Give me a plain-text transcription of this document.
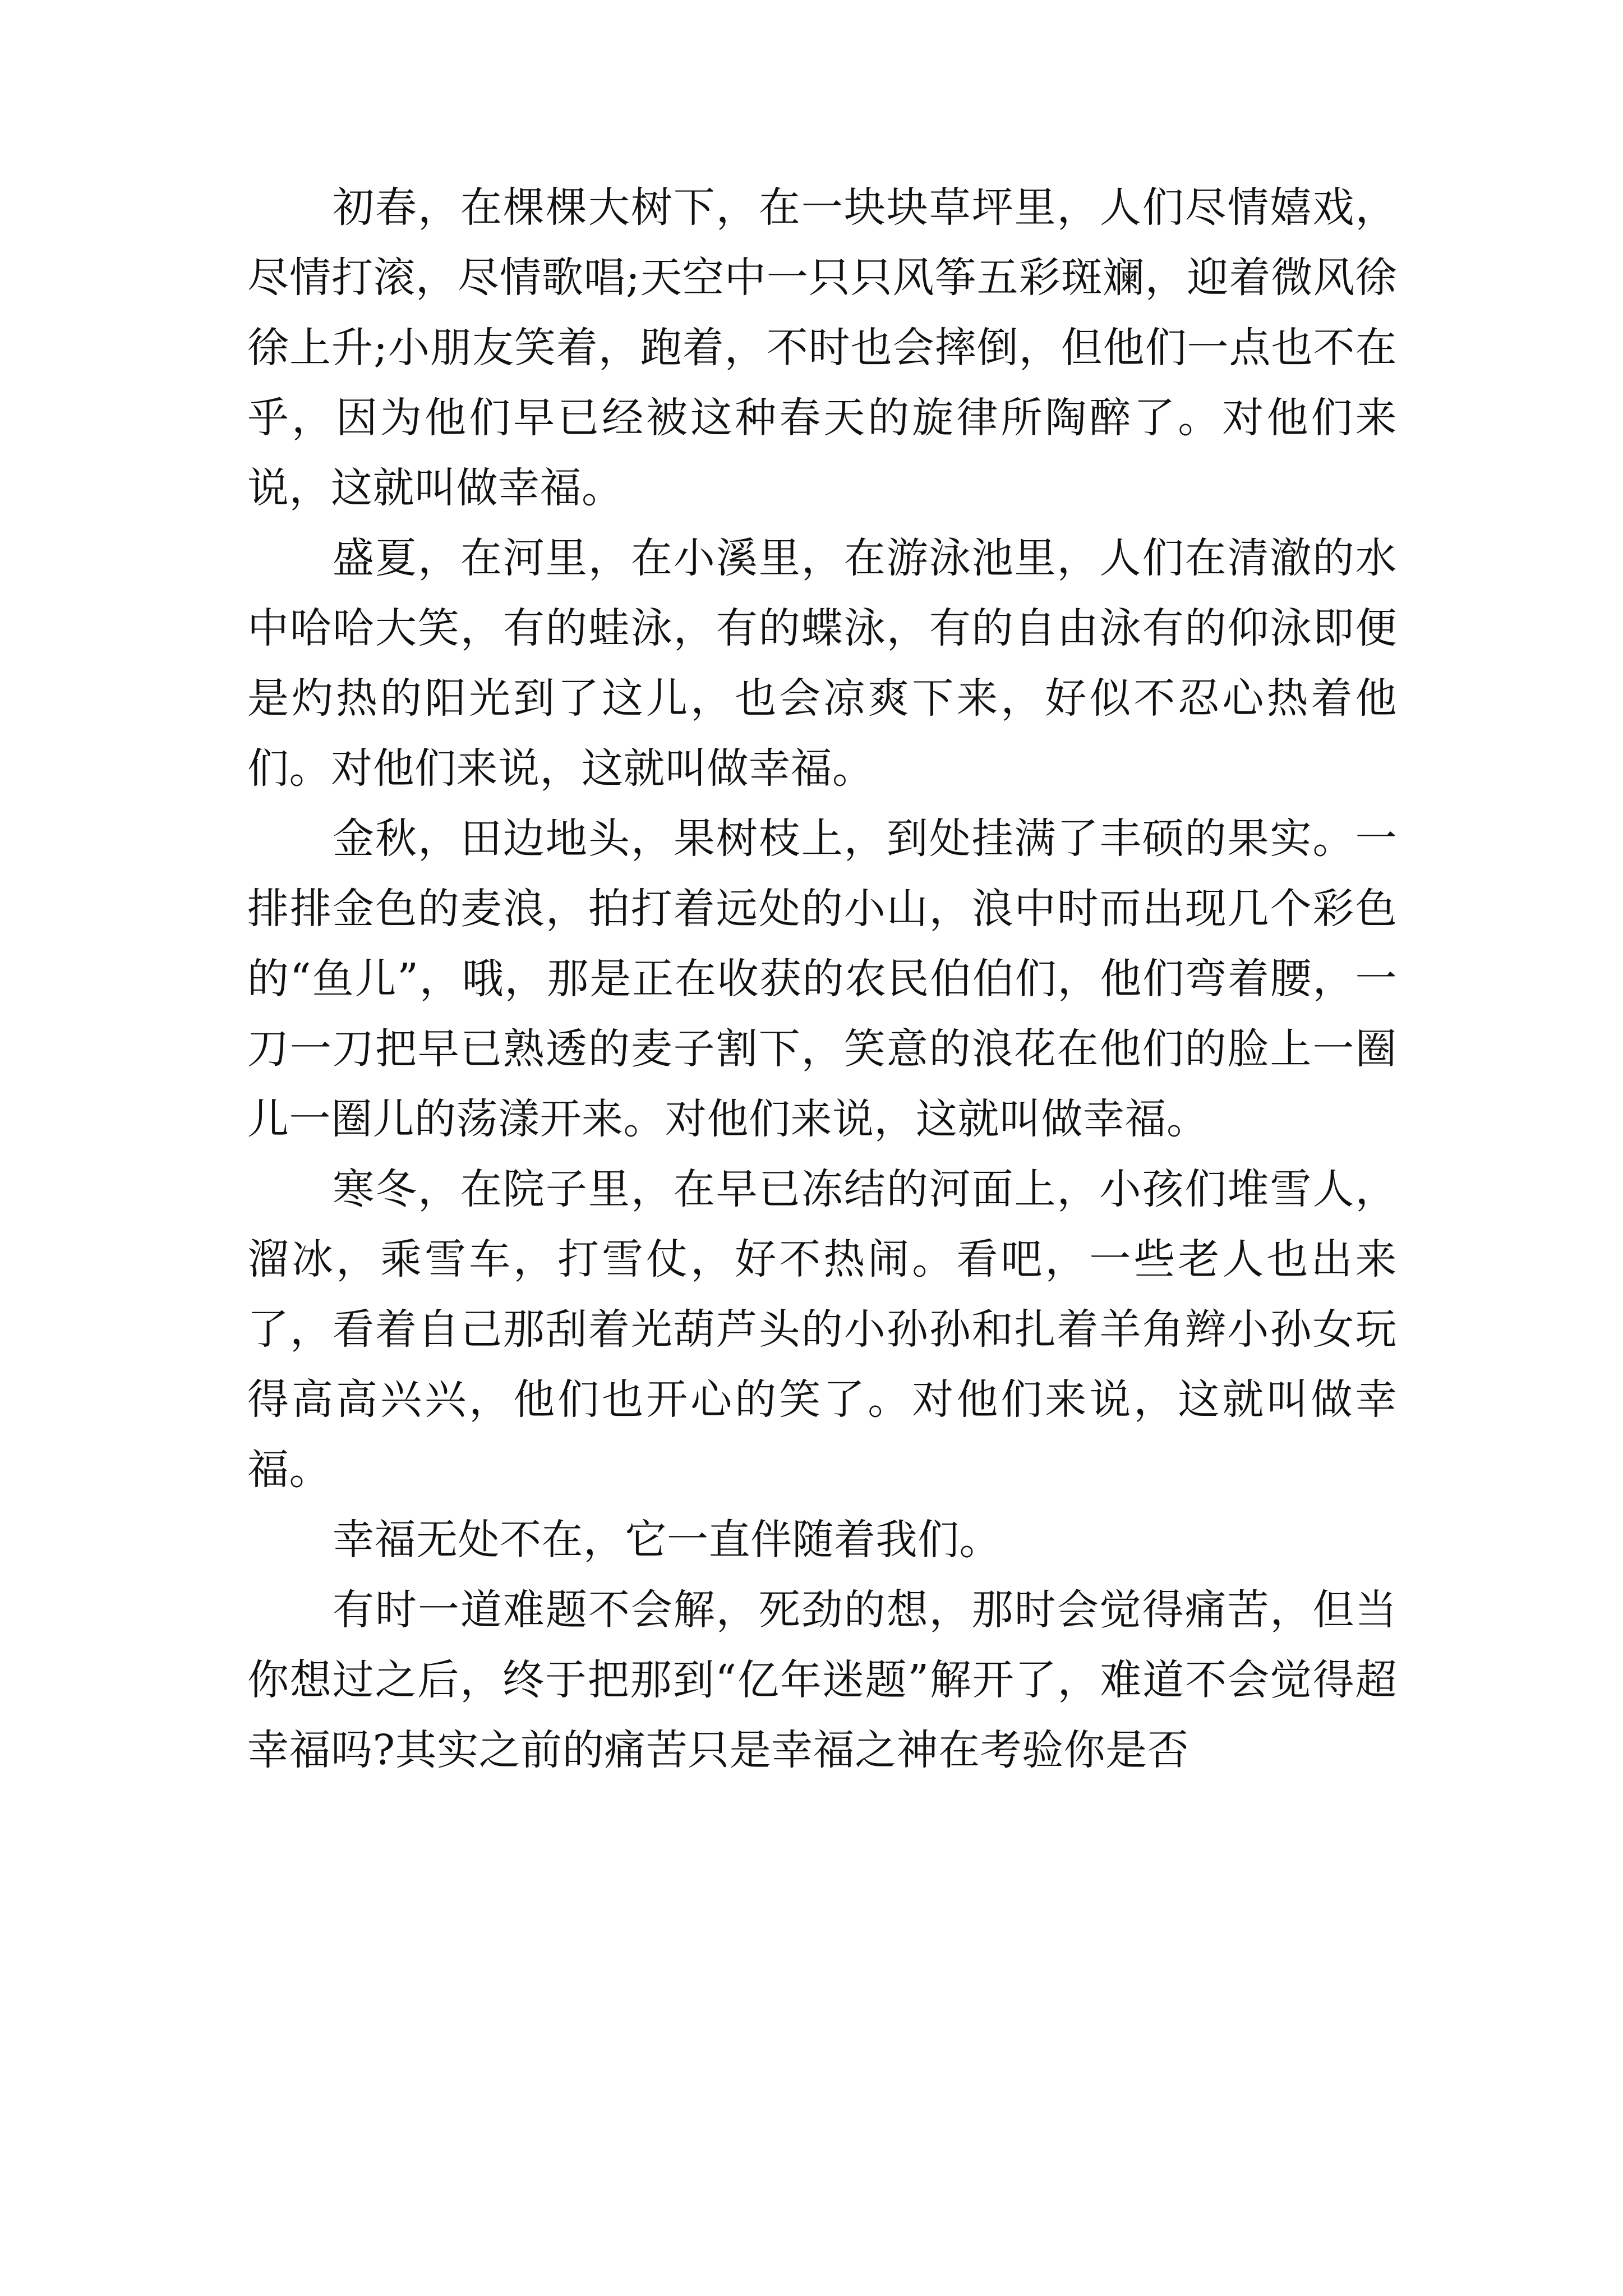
初春，在棵棵大树下，在一块块草坪里，人们尽情嬉戏，尽情打滚，尽情歌唱;天空中一只只风筝五彩斑斓，迎着微风徐徐上升;小朋友笑着，跑着，不时也会摔倒，但他们一点也不在乎，因为他们早已经被这种春天的旋律所陶醉了。对他们来说，这就叫做幸福。

盛夏，在河里，在小溪里，在游泳池里，人们在清澈的水中哈哈大笑，有的蛙泳，有的蝶泳，有的自由泳有的仰泳即便是灼热的阳光到了这儿，也会凉爽下来，好似不忍心热着他们。对他们来说，这就叫做幸福。

金秋，田边地头，果树枝上，到处挂满了丰硕的果实。一排排金色的麦浪，拍打着远处的小山，浪中时而出现几个彩色的“鱼儿”，哦，那是正在收获的农民伯伯们，他们弯着腰，一刀一刀把早已熟透的麦子割下，笑意的浪花在他们的脸上一圈儿一圈儿的荡漾开来。对他们来说，这就叫做幸福。

寒冬，在院子里，在早已冻结的河面上，小孩们堆雪人，溜冰，乘雪车，打雪仗，好不热闹。看吧，一些老人也出来了，看着自己那刮着光葫芦头的小孙孙和扎着羊角辫小孙女玩得高高兴兴，他们也开心的笑了。对他们来说，这就叫做幸福。

幸福无处不在，它一直伴随着我们。

有时一道难题不会解，死劲的想，那时会觉得痛苦，但当你想过之后，终于把那到“亿年迷题”解开了，难道不会觉得超幸福吗?其实之前的痛苦只是幸福之神在考验你是否
